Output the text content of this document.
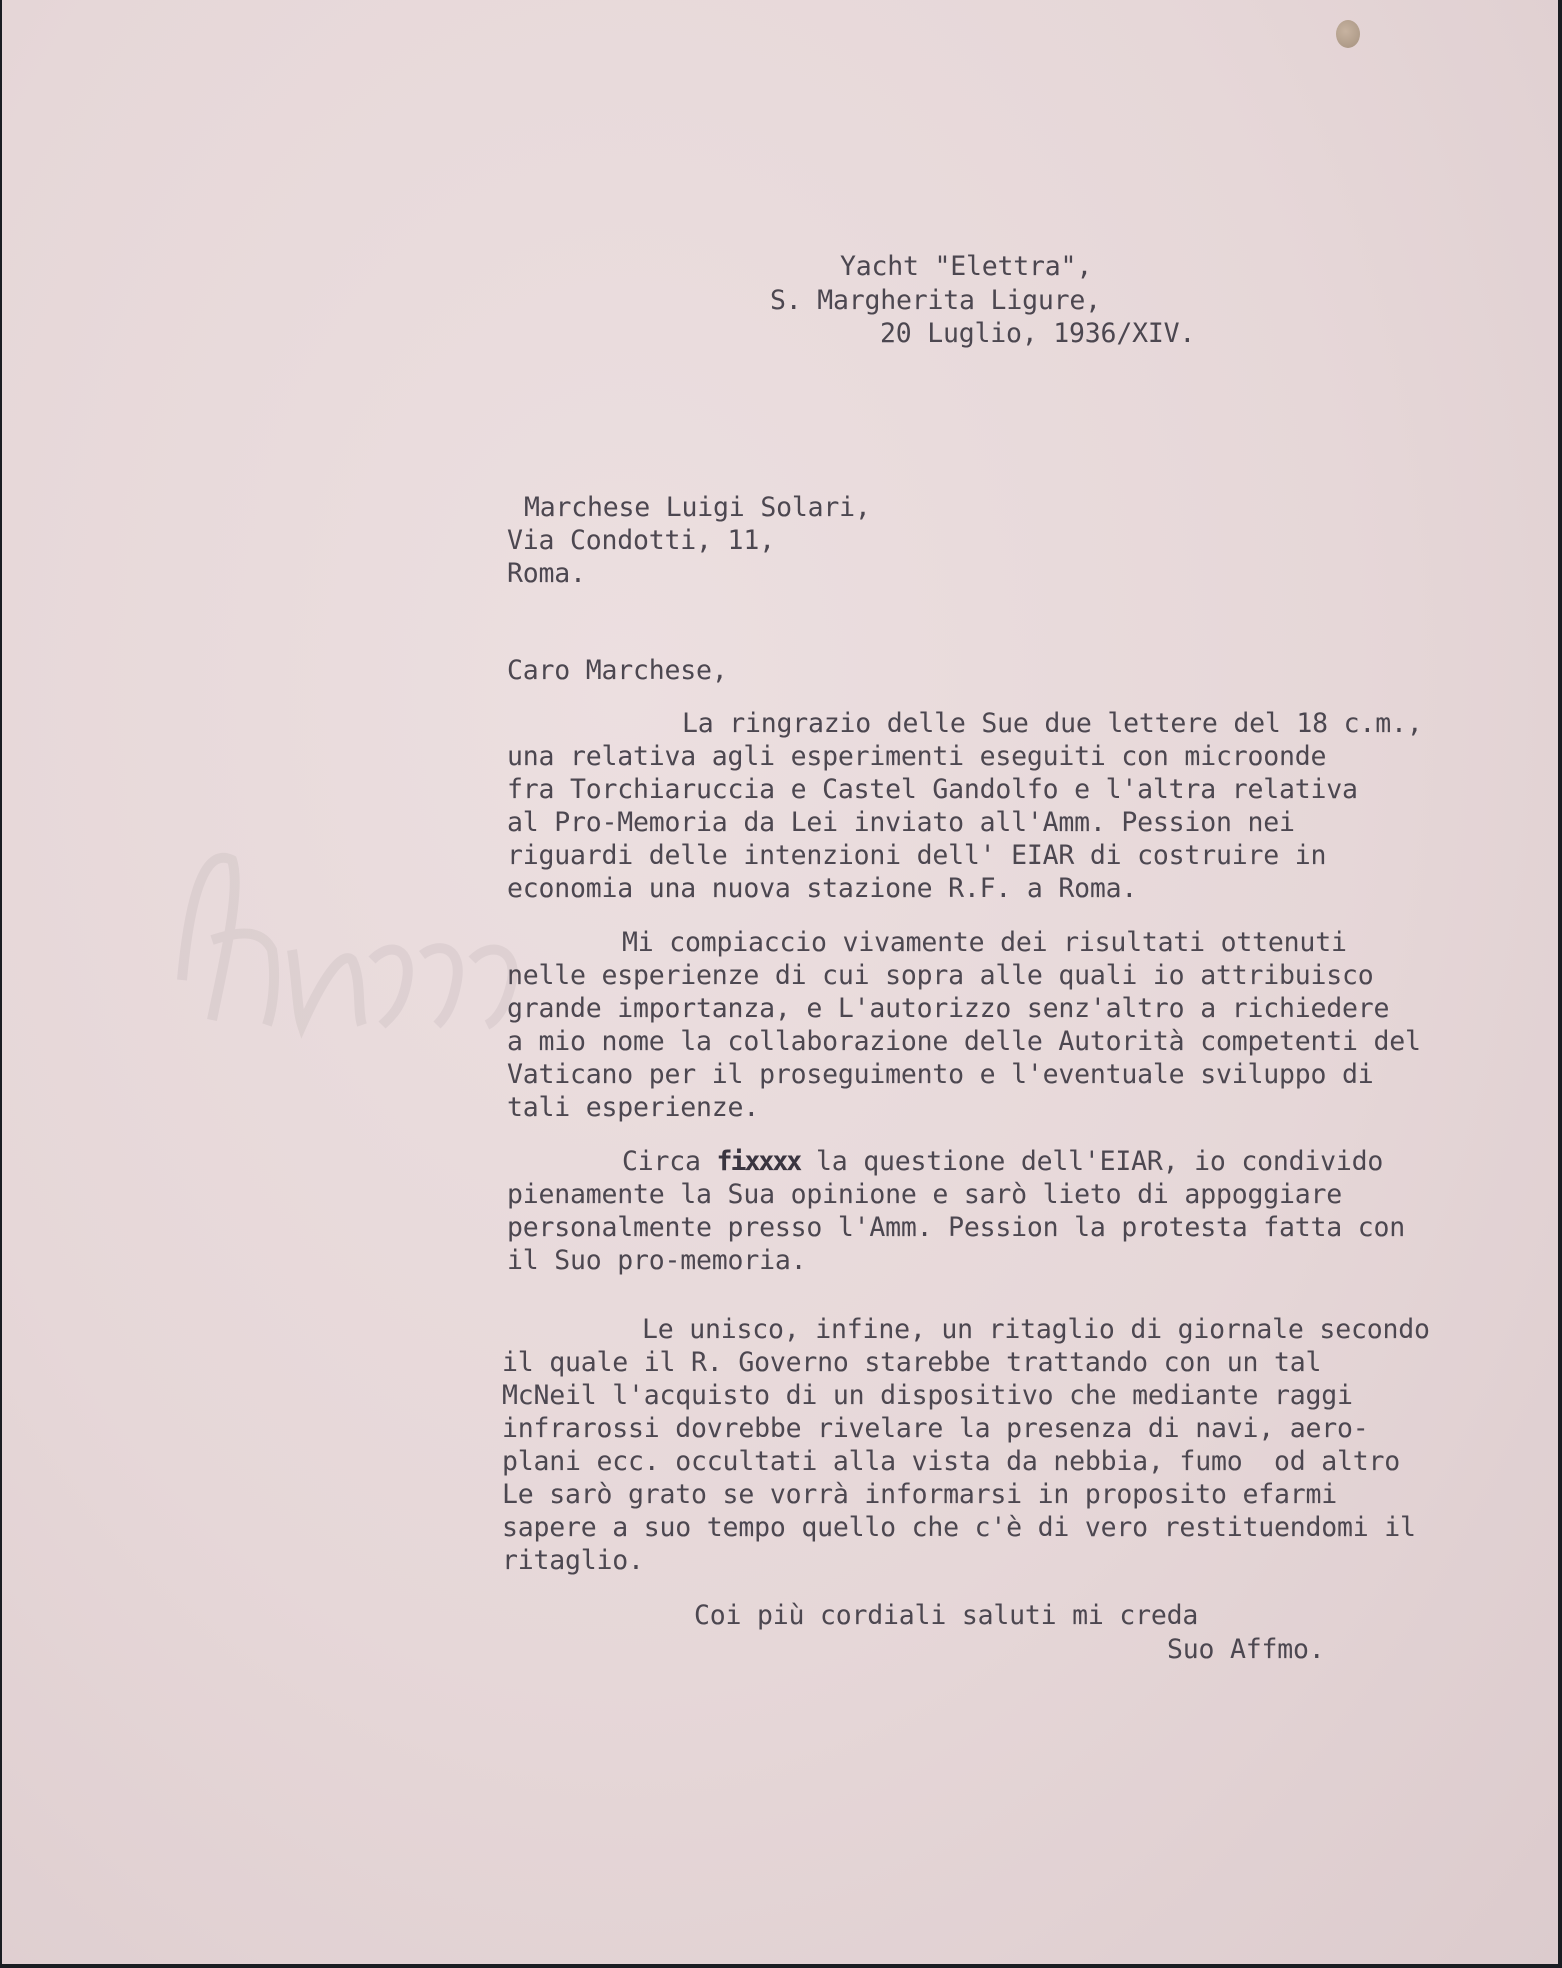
Yacht "Elettra",

S. Margherita Ligure,

20 Luglio, 1936/XIV.

Marchese Luigi Solari,

Via Condotti, 11,

Roma.

Caro Marchese,

La ringrazio delle Sue due lettere del 18 c.m.,

una relativa agli esperimenti eseguiti con microonde

fra Torchiaruccia e Castel Gandolfo e l'altra relativa

al Pro-Memoria da Lei inviato all'Amm. Pession nei

riguardi delle intenzioni dell' EIAR di costruire in

economia una nuova stazione R.F. a Roma.

Mi compiaccio vivamente dei risultati ottenuti

nelle esperienze di cui sopra alle quali io attribuisco

grande importanza, e L'autorizzo senz'altro a richiedere

a mio nome la collaborazione delle Autorità competenti del

Vaticano per il proseguimento e l'eventuale sviluppo di

tali esperienze.

Circa fixxxx la questione dell'EIAR, io condivido

pienamente la Sua opinione e sarò lieto di appoggiare

personalmente presso l'Amm. Pession la protesta fatta con

il Suo pro-memoria.

Le unisco, infine, un ritaglio di giornale secondo

il quale il R. Governo starebbe trattando con un tal

McNeil l'acquisto di un dispositivo che mediante raggi

infrarossi dovrebbe rivelare la presenza di navi, aero-

plani ecc. occultati alla vista da nebbia, fumo  od altro

Le sarò grato se vorrà informarsi in proposito efarmi

sapere a suo tempo quello che c'è di vero restituendomi il

ritaglio.

Coi più cordiali saluti mi creda

Suo Affmo.
